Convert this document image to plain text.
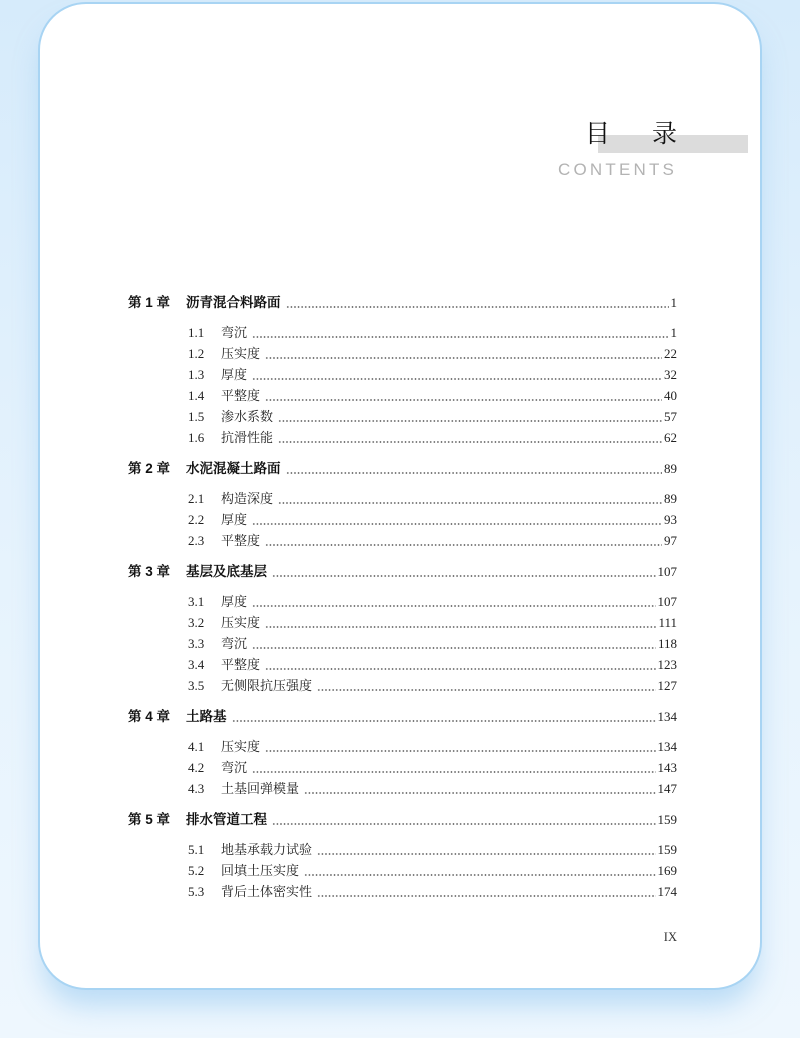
目 录
CONTENTS
第 1 章	沥青混合料路面	1
1.1	弯沉	1
1.2	压实度	22
1.3	厚度	32
1.4	平整度	40
1.5	渗水系数	57
1.6	抗滑性能	62
第 2 章	水泥混凝土路面	89
2.1	构造深度	89
2.2	厚度	93
2.3	平整度	97
第 3 章	基层及底基层	107
3.1	厚度	107
3.2	压实度	111
3.3	弯沉	118
3.4	平整度	123
3.5	无侧限抗压强度	127
第 4 章	土路基	134
4.1	压实度	134
4.2	弯沉	143
4.3	土基回弹模量	147
第 5 章	排水管道工程	159
5.1	地基承载力试验	159
5.2	回填土压实度	169
5.3	背后土体密实性	174
IX
